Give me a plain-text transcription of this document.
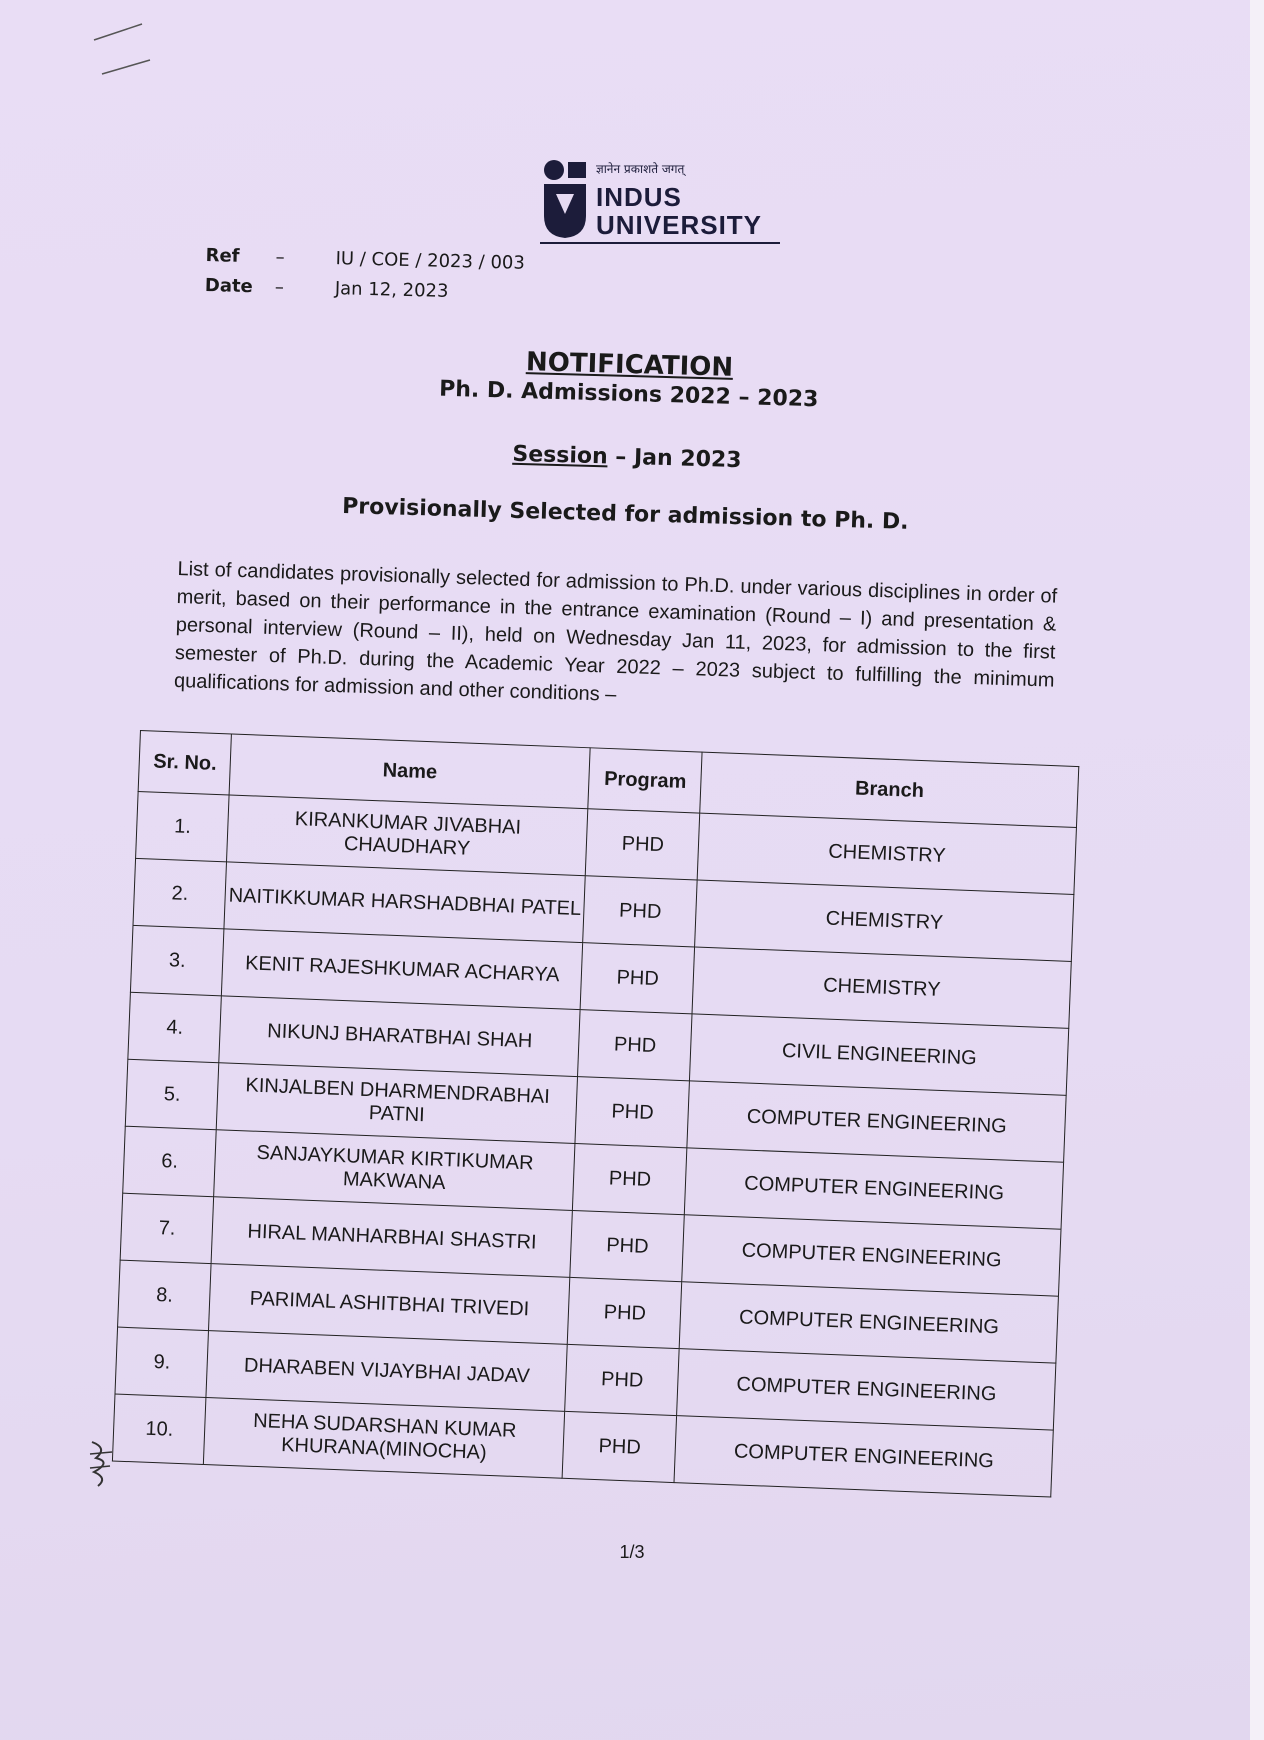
ज्ञानेन प्रकाशते जगत्
INDUS
UNIVERSITY
Ref	–	IU / COE / 2023 / 003
Date	–	Jan 12, 2023

NOTIFICATION

Ph. D. Admissions 2022 – 2023

Session – Jan 2023

Provisionally Selected for admission to Ph. D.

List of candidates provisionally selected for admission to Ph.D. under various disciplines in order of merit, based on their performance in the entrance examination (Round – I) and presentation & personal interview (Round – II), held on Wednesday Jan 11, 2023, for admission to the first semester of Ph.D. during the Academic Year 2022 – 2023 subject to fulfilling the minimum qualifications for admission and other conditions –
Sr. No.	Name	Program	Branch
1.	KIRANKUMAR JIVABHAI CHAUDHARY	PHD	CHEMISTRY
2.	NAITIKKUMAR HARSHADBHAI PATEL	PHD	CHEMISTRY
3.	KENIT RAJESHKUMAR ACHARYA	PHD	CHEMISTRY
4.	NIKUNJ BHARATBHAI SHAH	PHD	CIVIL ENGINEERING
5.	KINJALBEN DHARMENDRABHAI PATNI	PHD	COMPUTER ENGINEERING
6.	SANJAYKUMAR KIRTIKUMAR MAKWANA	PHD	COMPUTER ENGINEERING
7.	HIRAL MANHARBHAI SHASTRI	PHD	COMPUTER ENGINEERING
8.	PARIMAL ASHITBHAI TRIVEDI	PHD	COMPUTER ENGINEERING
9.	DHARABEN VIJAYBHAI JADAV	PHD	COMPUTER ENGINEERING
10.	NEHA SUDARSHAN KUMAR KHURANA(MINOCHA)	PHD	COMPUTER ENGINEERING
1/3
